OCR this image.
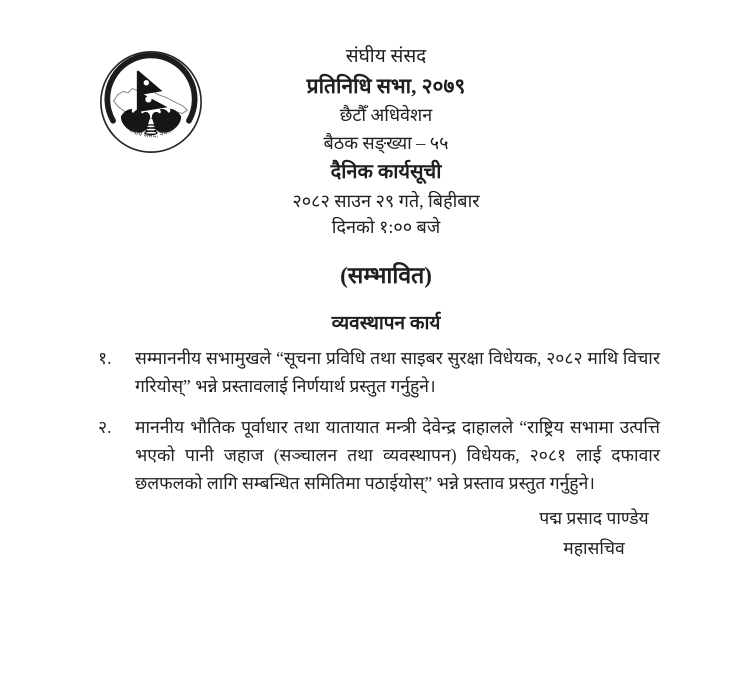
संघीय संसद, नेपाल
संघीय संसद
प्रतिनिधि सभा, २०७९
छैटौँ अधिवेशन
बैठक सङ्ख्या – ५५
दैनिक कार्यसूची
२०८२ साउन २९ गते, बिहीबार
दिनको १:०० बजे
(सम्भावित)
व्यवस्थापन कार्य
१.	सम्माननीय सभामुखले “सूचना प्रविधि तथा साइबर सुरक्षा विधेयक, २०८२ माथि विचार गरियोस्” भन्ने प्रस्तावलाई निर्णयार्थ प्रस्तुत गर्नुहुने।
२.	माननीय भौतिक पूर्वाधार तथा यातायात मन्त्री देवेन्द्र दाहालले “राष्ट्रिय सभामा उत्पत्ति भएको पानी जहाज (सञ्चालन तथा व्यवस्थापन) विधेयक, २०८१ लाई दफावार छलफलको लागि सम्बन्धित समितिमा पठाईयोस्” भन्ने प्रस्ताव प्रस्तुत गर्नुहुने।
पद्म प्रसाद पाण्डेय
महासचिव
